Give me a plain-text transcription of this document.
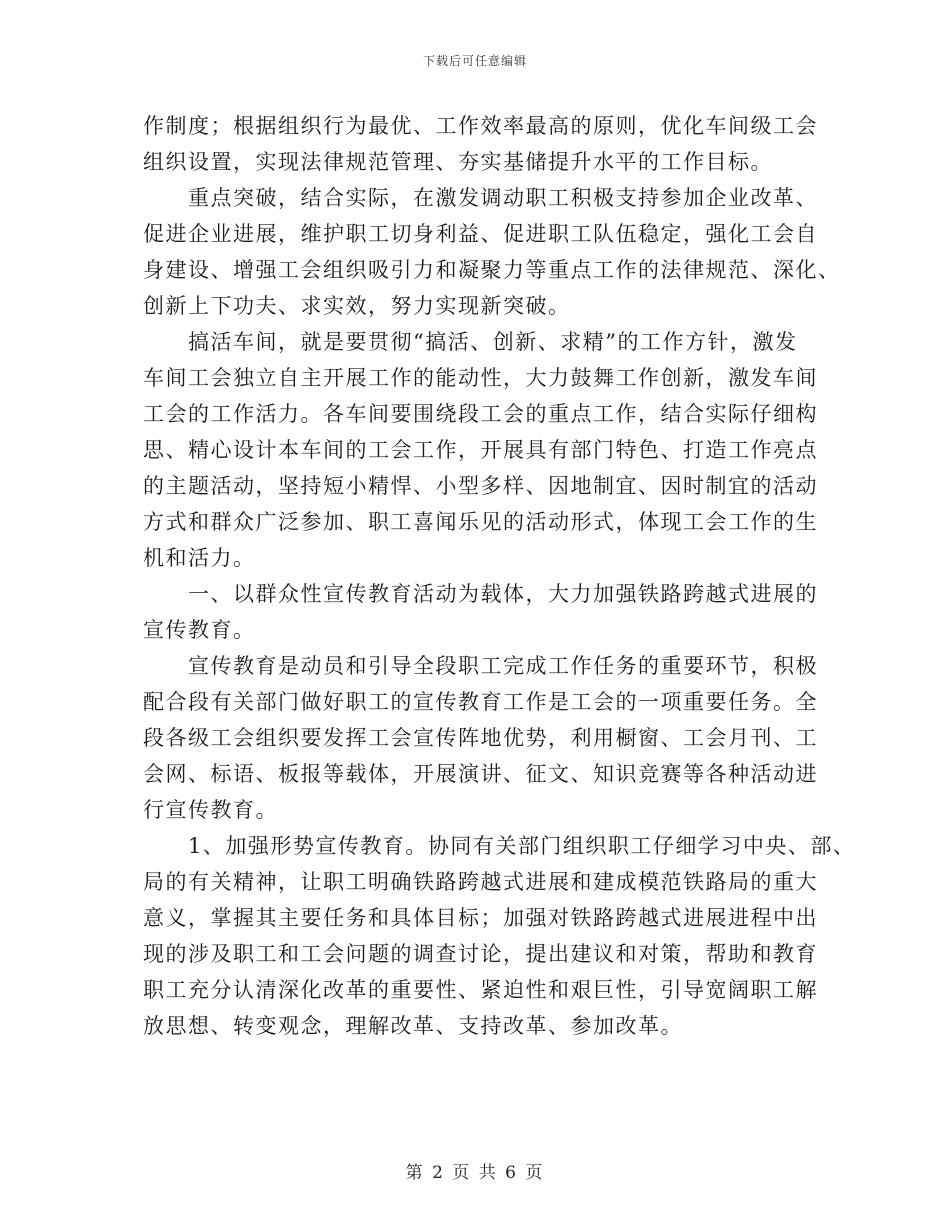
下载后可任意编辑
作制度；根据组织行为最优、工作效率最高的原则，优化车间级工会
组织设置，实现法律规范管理、夯实基储提升水平的工作目标。
　　重点突破，结合实际，在激发调动职工积极支持参加企业改革、
促进企业进展，维护职工切身利益、促进职工队伍稳定，强化工会自
身建设、增强工会组织吸引力和凝聚力等重点工作的法律规范、深化、
创新上下功夫、求实效，努力实现新突破。
　　搞活车间，就是要贯彻“搞活、创新、求精”的工作方针，激发
车间工会独立自主开展工作的能动性，大力鼓舞工作创新，激发车间
工会的工作活力。各车间要围绕段工会的重点工作，结合实际仔细构
思、精心设计本车间的工会工作，开展具有部门特色、打造工作亮点
的主题活动，坚持短小精悍、小型多样、因地制宜、因时制宜的活动
方式和群众广泛参加、职工喜闻乐见的活动形式，体现工会工作的生
机和活力。
　　一、以群众性宣传教育活动为载体，大力加强铁路跨越式进展的
宣传教育。
　　宣传教育是动员和引导全段职工完成工作任务的重要环节，积极
配合段有关部门做好职工的宣传教育工作是工会的一项重要任务。全
段各级工会组织要发挥工会宣传阵地优势，利用橱窗、工会月刊、工
会网、标语、板报等载体，开展演讲、征文、知识竞赛等各种活动进
行宣传教育。
　　1、加强形势宣传教育。协同有关部门组织职工仔细学习中央、部、
局的有关精神，让职工明确铁路跨越式进展和建成模范铁路局的重大
意义，掌握其主要任务和具体目标；加强对铁路跨越式进展进程中出
现的涉及职工和工会问题的调查讨论，提出建议和对策，帮助和教育
职工充分认清深化改革的重要性、紧迫性和艰巨性，引导宽阔职工解
放思想、转变观念，理解改革、支持改革、参加改革。
第 2 页 共 6 页
